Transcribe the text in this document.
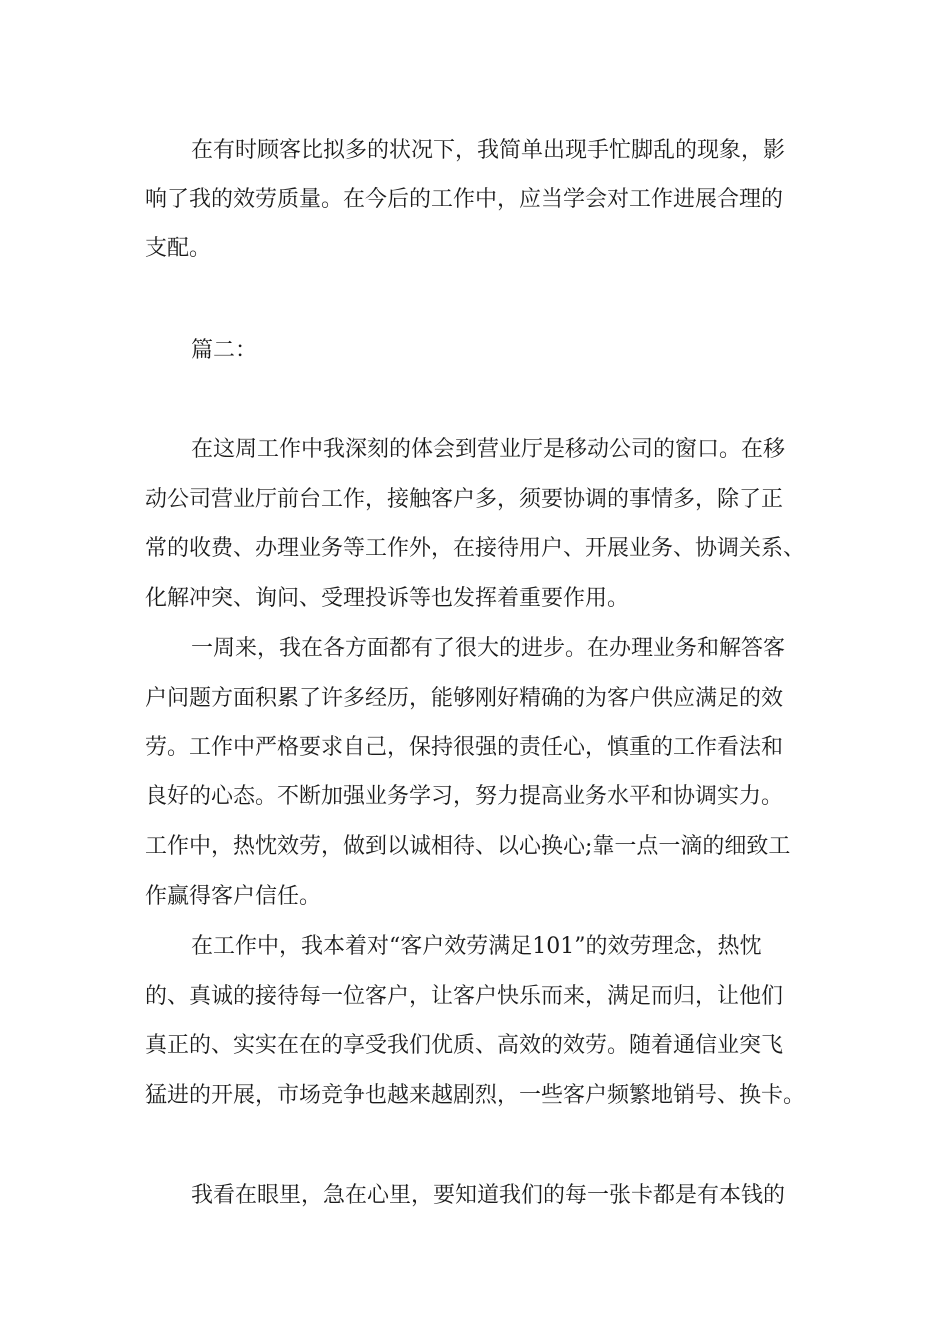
在有时顾客比拟多的状况下，我简单出现手忙脚乱的现象，影

响了我的效劳质量。在今后的工作中，应当学会对工作进展合理的

支配。

篇二：

在这周工作中我深刻的体会到营业厅是移动公司的窗口。在移

动公司营业厅前台工作，接触客户多，须要协调的事情多，除了正

常的收费、办理业务等工作外，在接待用户、开展业务、协调关系、

化解冲突、询问、受理投诉等也发挥着重要作用。

一周来，我在各方面都有了很大的进步。在办理业务和解答客

户问题方面积累了许多经历，能够刚好精确的为客户供应满足的效

劳。工作中严格要求自己，保持很强的责任心，慎重的工作看法和

良好的心态。不断加强业务学习，努力提高业务水平和协调实力。

工作中，热忱效劳，做到以诚相待、以心换心;靠一点一滴的细致工

作赢得客户信任。

在工作中，我本着对“客户效劳满足101”的效劳理念，热忱

的、真诚的接待每一位客户，让客户快乐而来，满足而归，让他们

真正的、实实在在的享受我们优质、高效的效劳。随着通信业突飞

猛进的开展，市场竞争也越来越剧烈，一些客户频繁地销号、换卡。

我看在眼里，急在心里，要知道我们的每一张卡都是有本钱的
